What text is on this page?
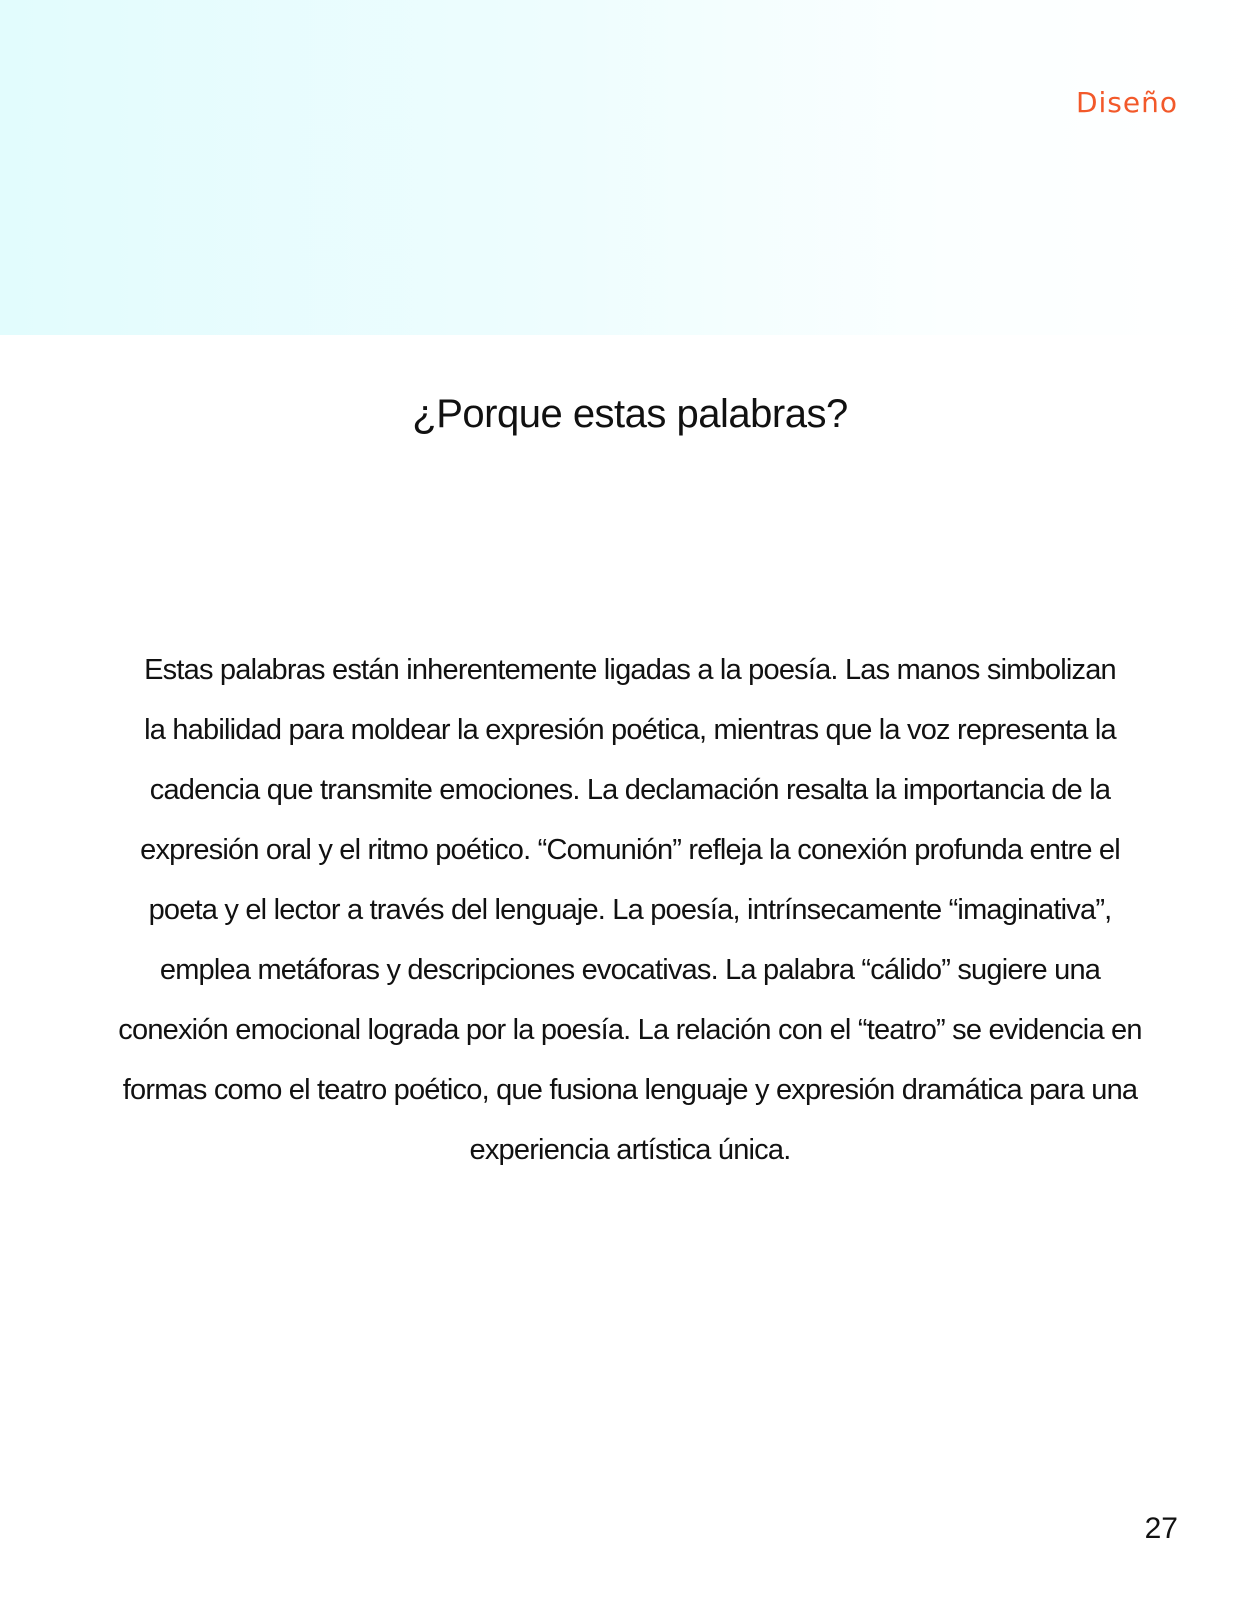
Diseño
¿Porque estas palabras?

Estas palabras están inherentemente ligadas a la poesía. Las manos simbolizan
la habilidad para moldear la expresión poética, mientras que la voz representa la
cadencia que transmite emociones. La declamación resalta la importancia de la
expresión oral y el ritmo poético. “Comunión” refleja la conexión profunda entre el
poeta y el lector a través del lenguaje. La poesía, intrínsecamente “imaginativa”,
emplea metáforas y descripciones evocativas. La palabra “cálido” sugiere una
conexión emocional lograda por la poesía. La relación con el “teatro” se evidencia en
formas como el teatro poético, que fusiona lenguaje y expresión dramática para una
experiencia artística única.

27
